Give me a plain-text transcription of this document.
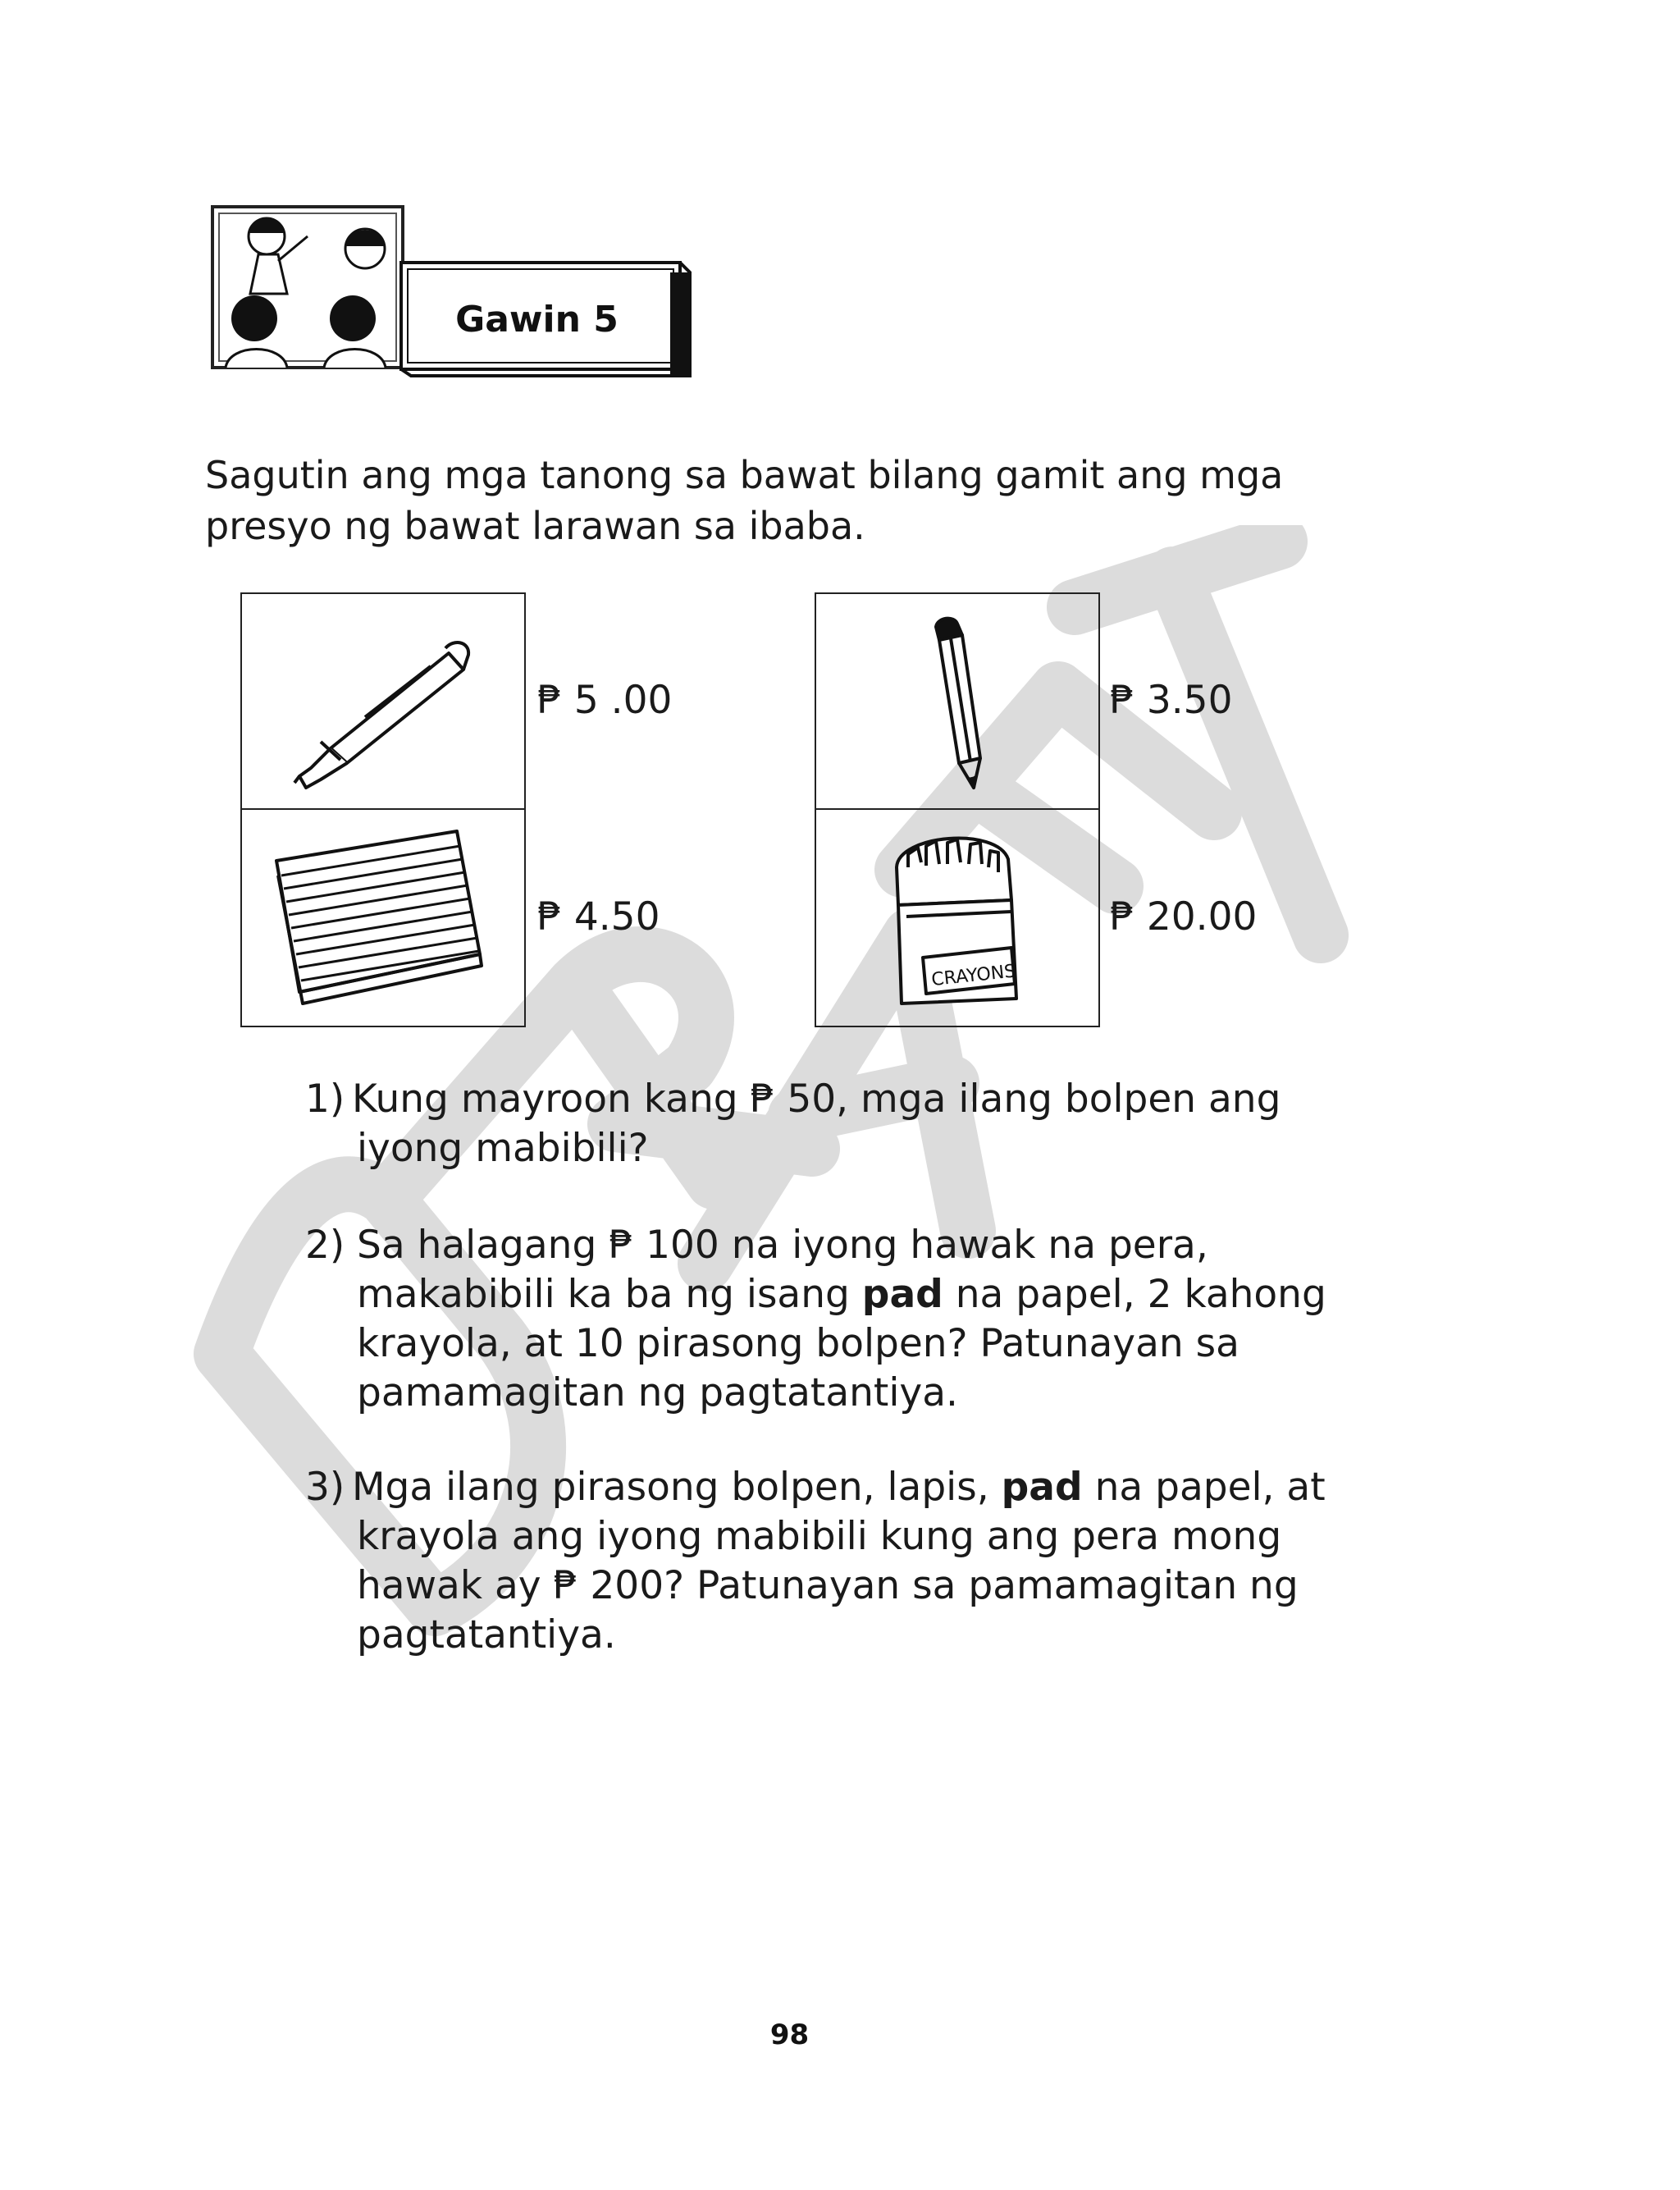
Gawin 5
Sagutin ang mga tanong sa bawat bilang gamit ang mga
presyo ng bawat larawan sa ibaba.
CRAYONS
₱ 5 .00
₱ 4.50
₱ 3.50
₱ 20.00
1) Kung mayroon kang ₱ 50, mga ilang bolpen ang
iyong mabibili?
2) Sa halagang ₱ 100 na iyong hawak na pera,
makabibili ka ba ng isang pad na papel, 2 kahong
krayola, at 10 pirasong bolpen? Patunayan sa
pamamagitan ng pagtatantiya.
3) Mga ilang pirasong bolpen, lapis, pad na papel, at
krayola ang iyong mabibili kung ang pera mong
hawak ay ₱ 200? Patunayan sa pamamagitan ng
pagtatantiya.
98
